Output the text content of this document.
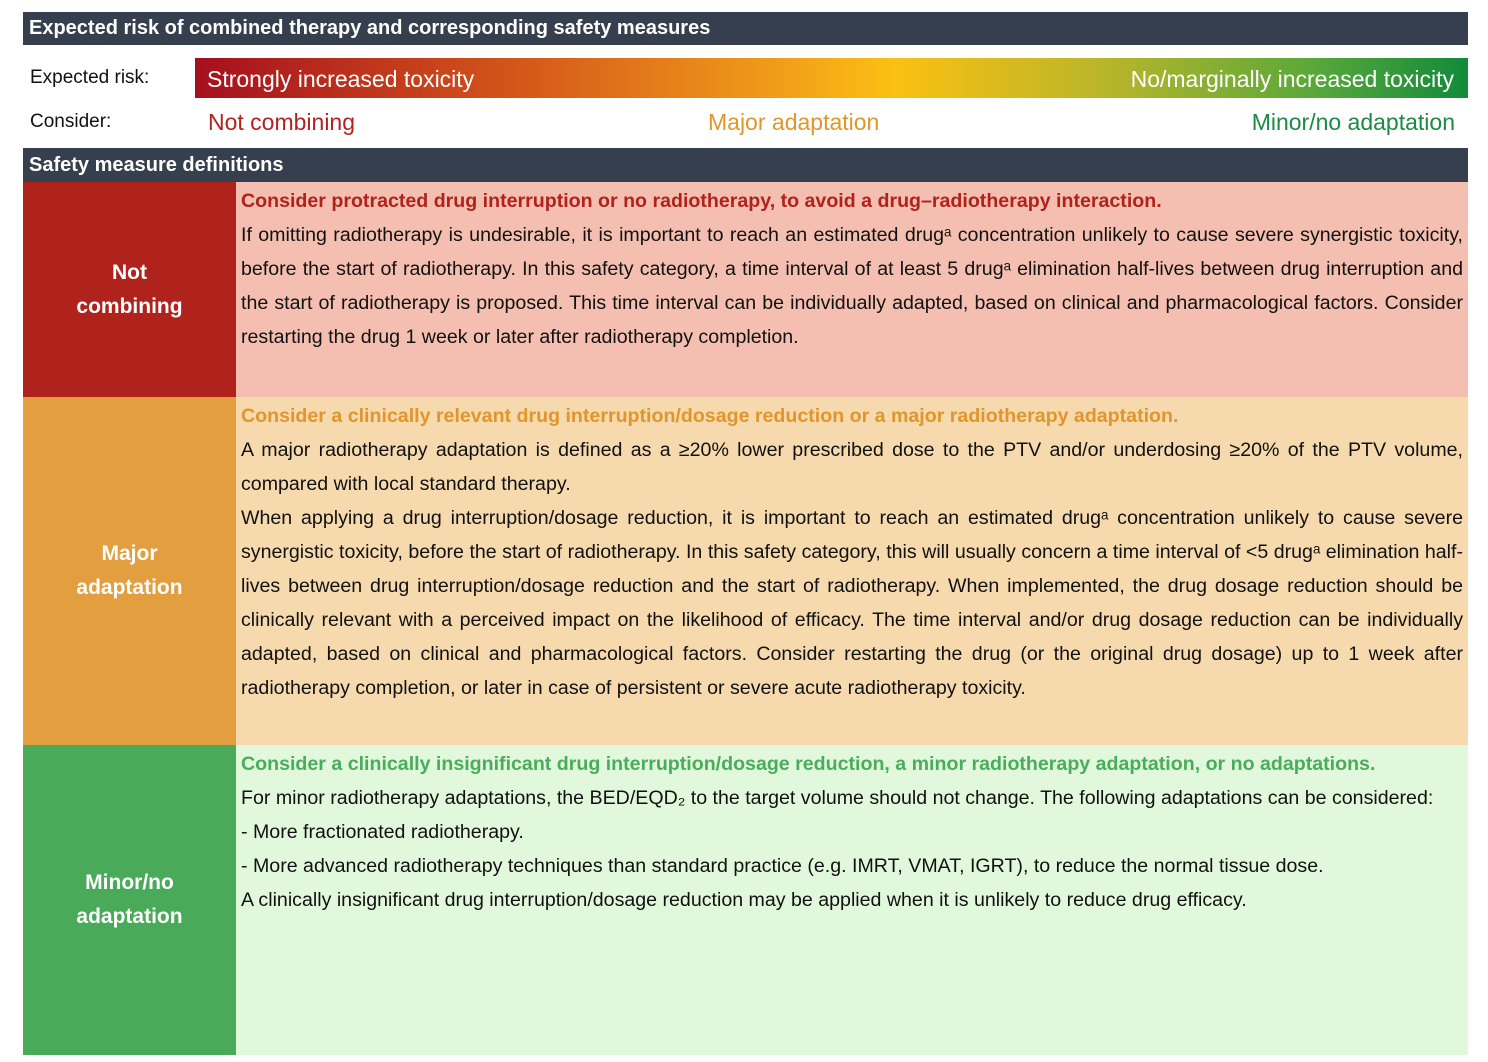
Expected risk of combined therapy and corresponding safety measures
Expected risk:	Strongly increased toxicity	No/marginally increased toxicity
Consider:	Not combining	Major adaptation	Minor/no adaptation
Safety measure definitions
Not combining

Consider protracted drug interruption or no radiotherapy, to avoid a drug–radiotherapy interaction.

If omitting radiotherapy is undesirable, it is important to reach an estimated drugᵃ concentration unlikely to cause severe synergistic toxicity, before the start of radiotherapy. In this safety category, a time interval of at least 5 drugᵃ elimination half-lives between drug interruption and the start of radiotherapy is proposed. This time interval can be individually adapted, based on clinical and pharmacological factors. Consider restarting the drug 1 week or later after radiotherapy completion.

Major adaptation

Consider a clinically relevant drug interruption/dosage reduction or a major radiotherapy adaptation.

A major radiotherapy adaptation is defined as a ≥20% lower prescribed dose to the PTV and/or underdosing ≥20% of the PTV volume, compared with local standard therapy.

When applying a drug interruption/dosage reduction, it is important to reach an estimated drugᵃ concentration unlikely to cause severe synergistic toxicity, before the start of radiotherapy. In this safety category, this will usually concern a time interval of <5 drugᵃ elimination half-lives between drug interruption/dosage reduction and the start of radiotherapy. When implemented, the drug dosage reduction should be clinically relevant with a perceived impact on the likelihood of efficacy. The time interval and/or drug dosage reduction can be individually adapted, based on clinical and pharmacological factors. Consider restarting the drug (or the original drug dosage) up to 1 week after radiotherapy completion, or later in case of persistent or severe acute radiotherapy toxicity.

Minor/no adaptation

Consider a clinically insignificant drug interruption/dosage reduction, a minor radiotherapy adaptation, or no adaptations.

For minor radiotherapy adaptations, the BED/EQD₂ to the target volume should not change. The following adaptations can be considered:

- More fractionated radiotherapy.

- More advanced radiotherapy techniques than standard practice (e.g. IMRT, VMAT, IGRT), to reduce the normal tissue dose.

A clinically insignificant drug interruption/dosage reduction may be applied when it is unlikely to reduce drug efficacy.
